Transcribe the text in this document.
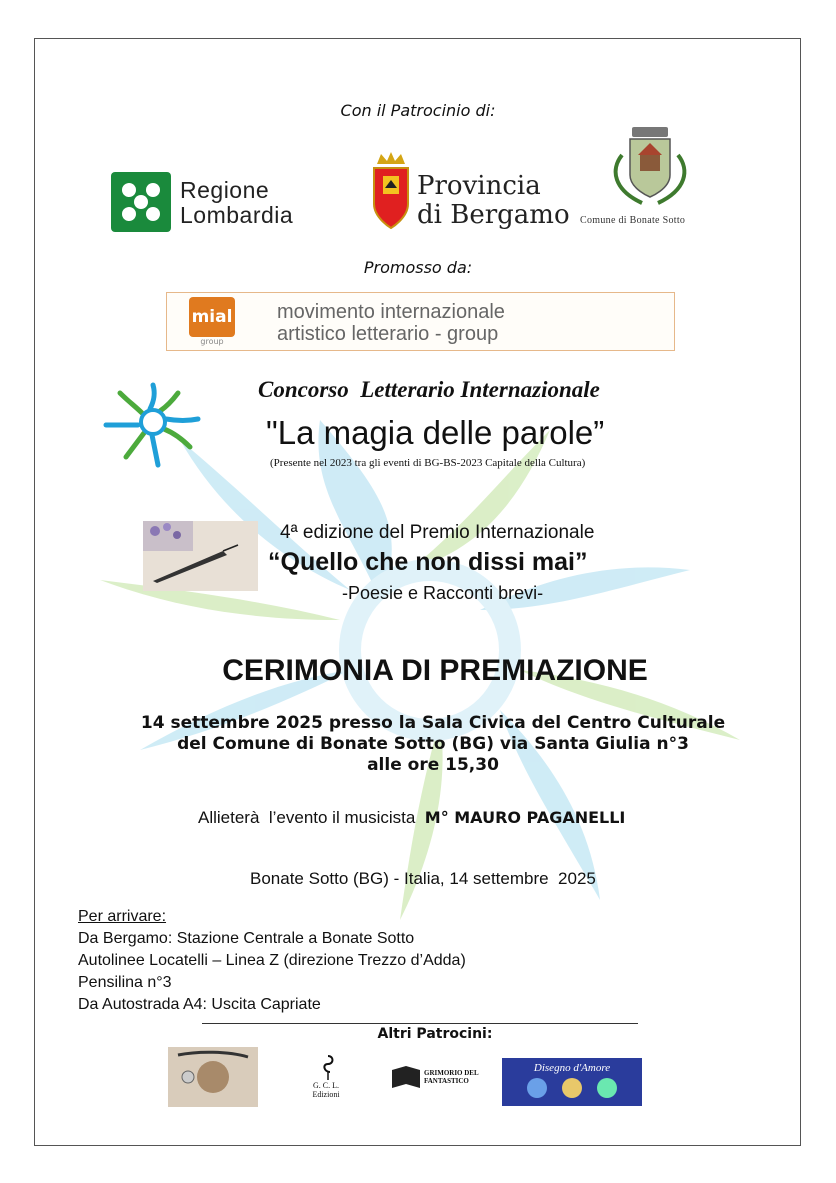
Con il Patrocinio di:
Regione
Lombardia
Provincia
di Bergamo Comune di Bonate Sotto
Promosso da:
mial
group
movimento internazionale
artistico letterario - group
Concorso  Letterario Internazionale
"La magia delle parole”
(Presente nel 2023 tra gli eventi di BG-BS-2023 Capitale della Cultura)
4ª edizione del Premio Internazionale
“Quello che non dissi mai”
-Poesie e Racconti brevi-
CERIMONIA DI PREMIAZIONE
14 settembre 2025 presso la Sala Civica del Centro Culturale
del Comune di Bonate Sotto (BG) via Santa Giulia n°3
alle ore 15,30
Allieterà  l’evento il musicista M° MAURO PAGANELLI
Bonate Sotto (BG) - Italia, 14 settembre  2025
Per arrivare:
Da Bergamo: Stazione Centrale a Bonate Sotto
Autolinee Locatelli – Linea Z (direzione Trezzo d’Adda)
Pensilina n°3
Da Autostrada A4: Uscita Capriate
Altri Patrocini:
G. C. L.
Edizioni
GRIMORIO DEL
FANTASTICO
Disegno d'Amore
